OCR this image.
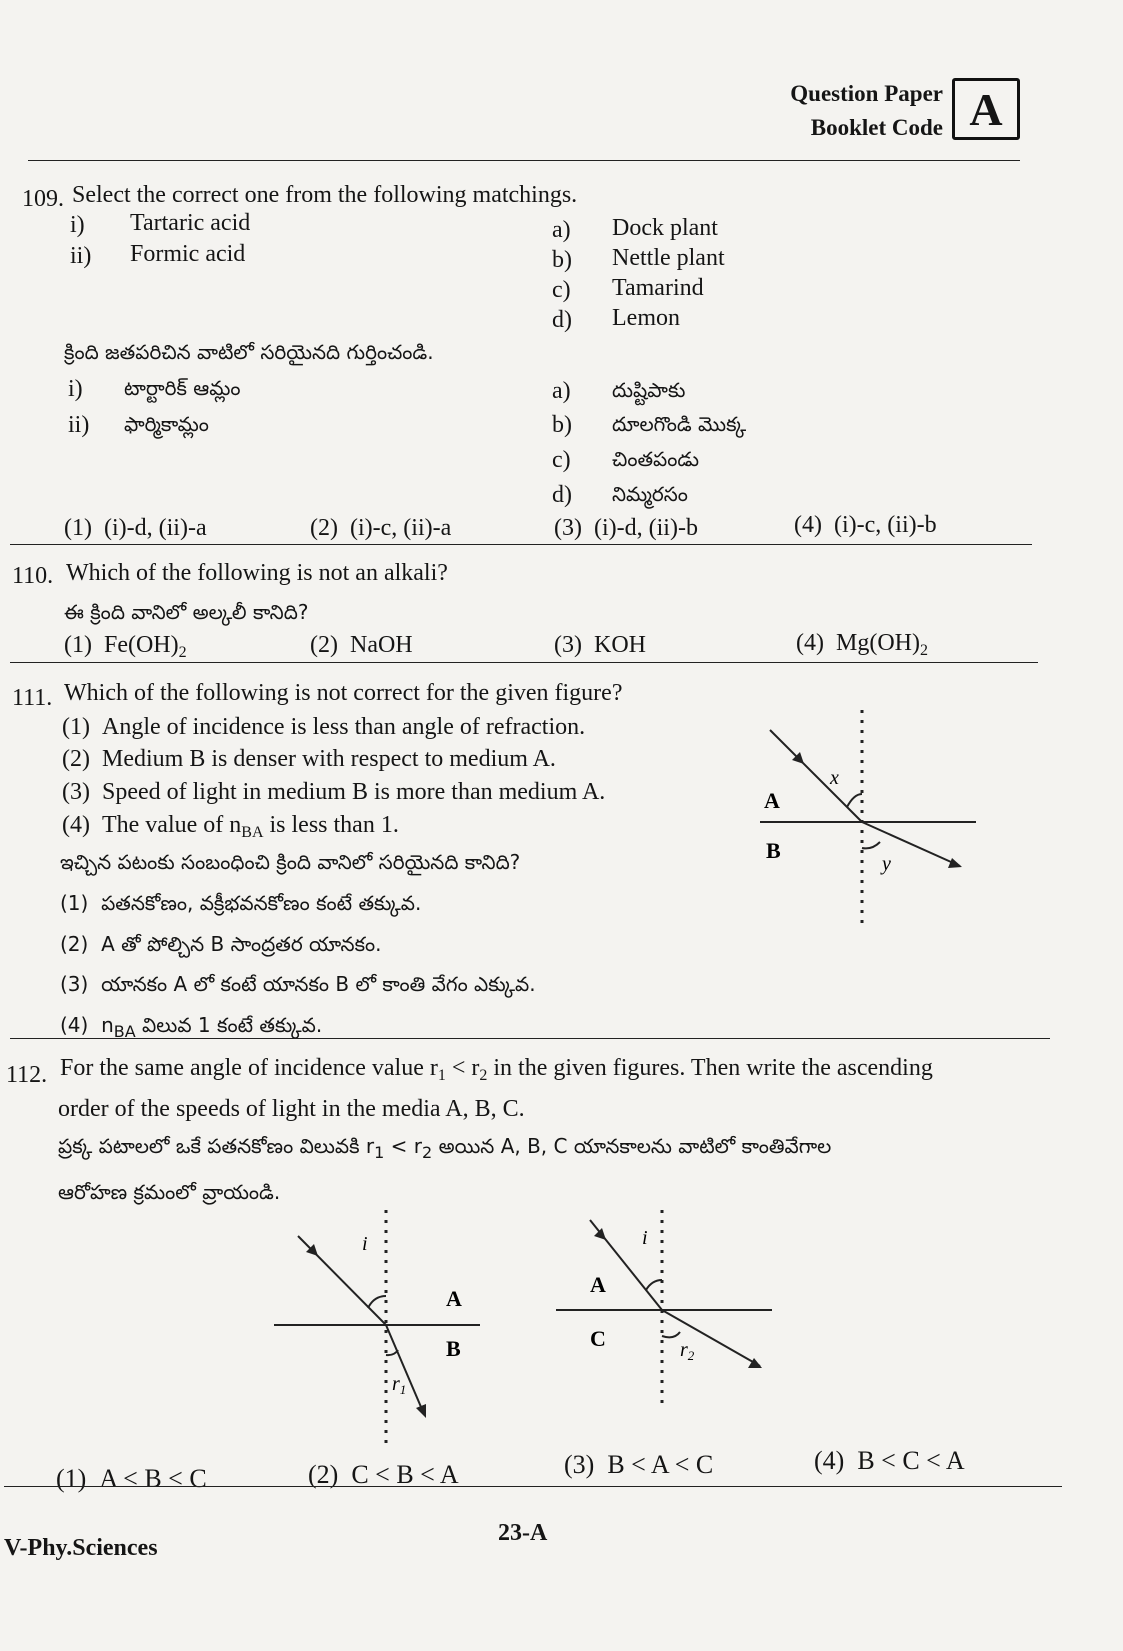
Question Paper
Booklet Code A
109. Select the correct one from the following matchings.
i) Tartaric acid
ii) Formic acid
a) Dock plant
b) Nettle plant
c) Tamarind
d) Lemon
క్రింది జతపరిచిన వాటిలో సరియైనది గుర్తించండి.
i) టార్టారిక్ ఆమ్లం
ii) ఫార్మికామ్లం
a) దుష్టిపాకు
b) దూలగొండి మొక్క
c) చింతపండు
d) నిమ్మరసం
(1) (i)-d, (ii)-a	(2) (i)-c, (ii)-a	(3) (i)-d, (ii)-b	(4) (i)-c, (ii)-b
110. Which of the following is not an alkali?
ఈ క్రింది వానిలో అల్కలీ కానిది?
(1) $Fe(OH)_2$	(2) NaOH	(3) KOH	(4) $Mg(OH)_2$
111. Which of the following is not correct for the given figure?
(1) Angle of incidence is less than angle of refraction.
(2) Medium B is denser with respect to medium A.
(3) Speed of light in medium B is more than medium A.
(4) The value of $n_{BA}$ is less than 1.
ఇచ్చిన పటంకు సంబంధించి క్రింది వానిలో సరియైనది కానిది?
(1) పతనకోణం, వక్రీభవనకోణం కంటే తక్కువ.
(2) A తో పోల్చిన B సాంద్రతర యానకం.
(3) యానకం A లో కంటే యానకం B లో కాంతి వేగం ఎక్కువ.
(4) $n_{BA}$ విలువ 1 కంటే తక్కువ.
A
B
x
y
112. For the same angle of incidence value $r_1 < r_2$ in the given figures. Then write the ascending
order of the speeds of light in the media A, B, C.
ప్రక్క పటాలలో ఒకే పతనకోణం విలువకి $r_1 < r_2$ అయిన A, B, C యానకాలను వాటిలో కాంతివేగాల
ఆరోహణ క్రమంలో వ్రాయండి.
i
A
B
$r_1$
i
A
C	$r_2$
(1) A < B < C	(2) C < B < A	(3) B < A < C	(4) B < C < A
V-Phy.Sciences
23-A
